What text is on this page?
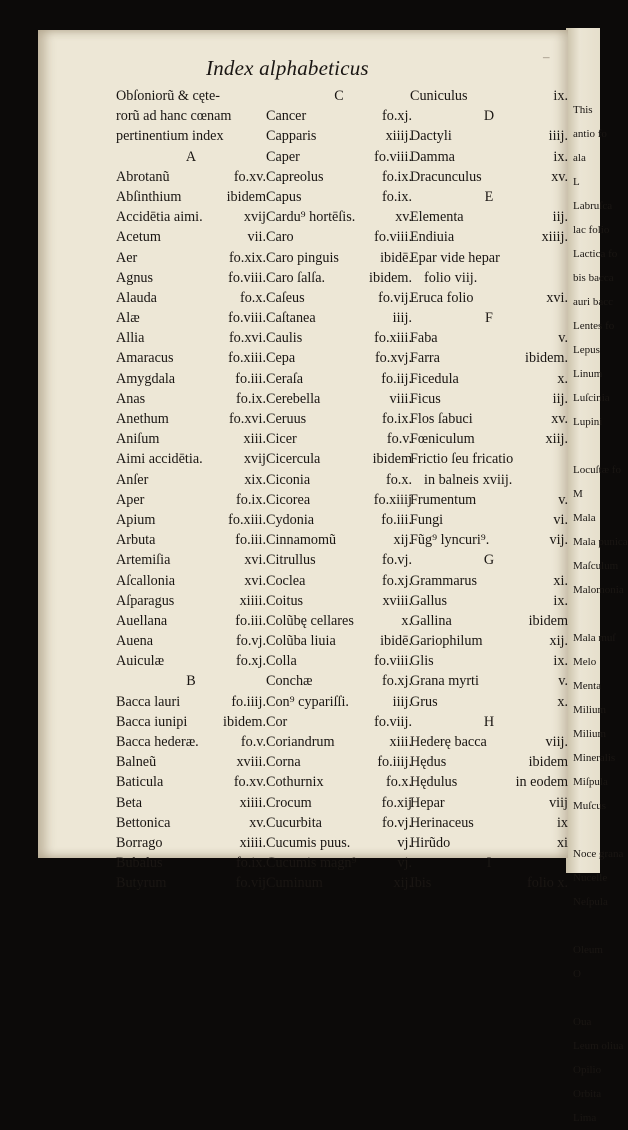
This
antio fo
ala
L
Labruſca
lac folio
Lactica fo
bis bacca
auri bacc
Lentes fo
Lepus
Linum
Luſcinia
Lupini

Locuſtæ fo
M
Mala
Mala punica
Maſculum
Malomonia

Mala muſ
Melo
Menta
Milium
Milium
Mineralis
Miſpula
Muſcus

Noce grana
Nucelle
Neſpula

Oleum
O

Oua
Leum oliua
Opilio
Orbita
Lima
Index alphabeticus	–
Obſoniorũ & cęte-
rorũ ad hanc cœnam
pertinentium index
A
Abrotanũ	fo.xv.
Abſinthium	ibidem
Accidētia aimi.	xvij
Acetum	vii.
Aer	fo.xix.
Agnus	fo.viii.
Alauda	fo.x.
Alæ	fo.viii.
Allia	fo.xvi.
Amaracus	fo.xiii.
Amygdala	fo.iii.
Anas	fo.ix.
Anethum	fo.xvi.
Aniſum	xiii.
Aimi accidētia.	xvij
Anſer	xix.
Aper	fo.ix.
Apium	fo.xiii.
Arbuta	fo.iii.
Artemiſia	xvi.
Aſcallonia	xvi.
Aſparagus	xiiii.
Auellana	fo.iii.
Auena	fo.vj.
Auiculæ	fo.xj.
B
Bacca lauri	fo.iiij.
Bacca iunipi	ibidem.
Bacca hederæ.	fo.v.
Balneũ	xviii.
Baticula	fo.xv.
Beta	xiiii.
Bettonica	xv.
Borrago	xiiii.
Bubalus	fo.ix.
Butyrum	fo.vij
C
Cancer	fo.xj.
Capparis	xiiij.
Caper	fo.viii.
Capreolus	fo.ix.
Capus	fo.ix.
Cardu⁹ hortēſis.	xv.
Caro	fo.viii.
Caro pinguis	ibidē.
Caro ſalſa.	ibidem.
Caſeus	fo.vij.
Caſtanea	iiij.
Caulis	fo.xiii.
Cepa	fo.xvj.
Ceraſa	fo.iij.
Cerebella	viii.
Ceruus	fo.ix.
Cicer	fo.v.
Cicercula	ibidem
Ciconia	fo.x.
Cicorea	fo.xiiij
Cydonia	fo.iii.
Cinnamomũ	xij.
Citrullus	fo.vj.
Coclea	fo.xj.
Coitus	xviii.
Colũbę cellares	x.
Colũba liuia	ibidē.
Colla	fo.viii.
Conchæ	fo.xj.
Con⁹ cypariſſi.	iiij.
Cor	fo.viij.
Coriandrum	xiii.
Corna	fo.iiij.
Cothurnix	fo.x.
Crocum	fo.xij
Cucurbita	fo.vj.
Cucumis puus.	vj.
Cucumis magn⁹	vj.
Cuminum	xij.
Cuniculus	ix.
D
Dactyli	iiij.
Damma	ix.
Dracunculus	xv.
E
Elementa	iij.
Endiuia	xiiij.
Epar vide hepar
folio viij.
Eruca folio	xvi.
F
Faba	v.
Farra	ibidem.
Ficedula	x.
Ficus	iij.
Flos ſabuci	xv.
Fœniculum	xiij.
Frictio ſeu fricatio
in balneis xviij.
Frumentum	v.
Fungi	vi.
Fũg⁹ lyncuri⁹.	vij.
G
Grammarus	xi.
Gallus	ix.
Gallina	ibidem
Gariophilum	xij.
Glis	ix.
Grana myrti	v.
Grus	x.
H
Hederę bacca	viij.
Hędus	ibidem
Hędulus	in eodem
Hepar	viij
Herinaceus	ix
Hirũdo	xi
I
Ibis	folio x.
